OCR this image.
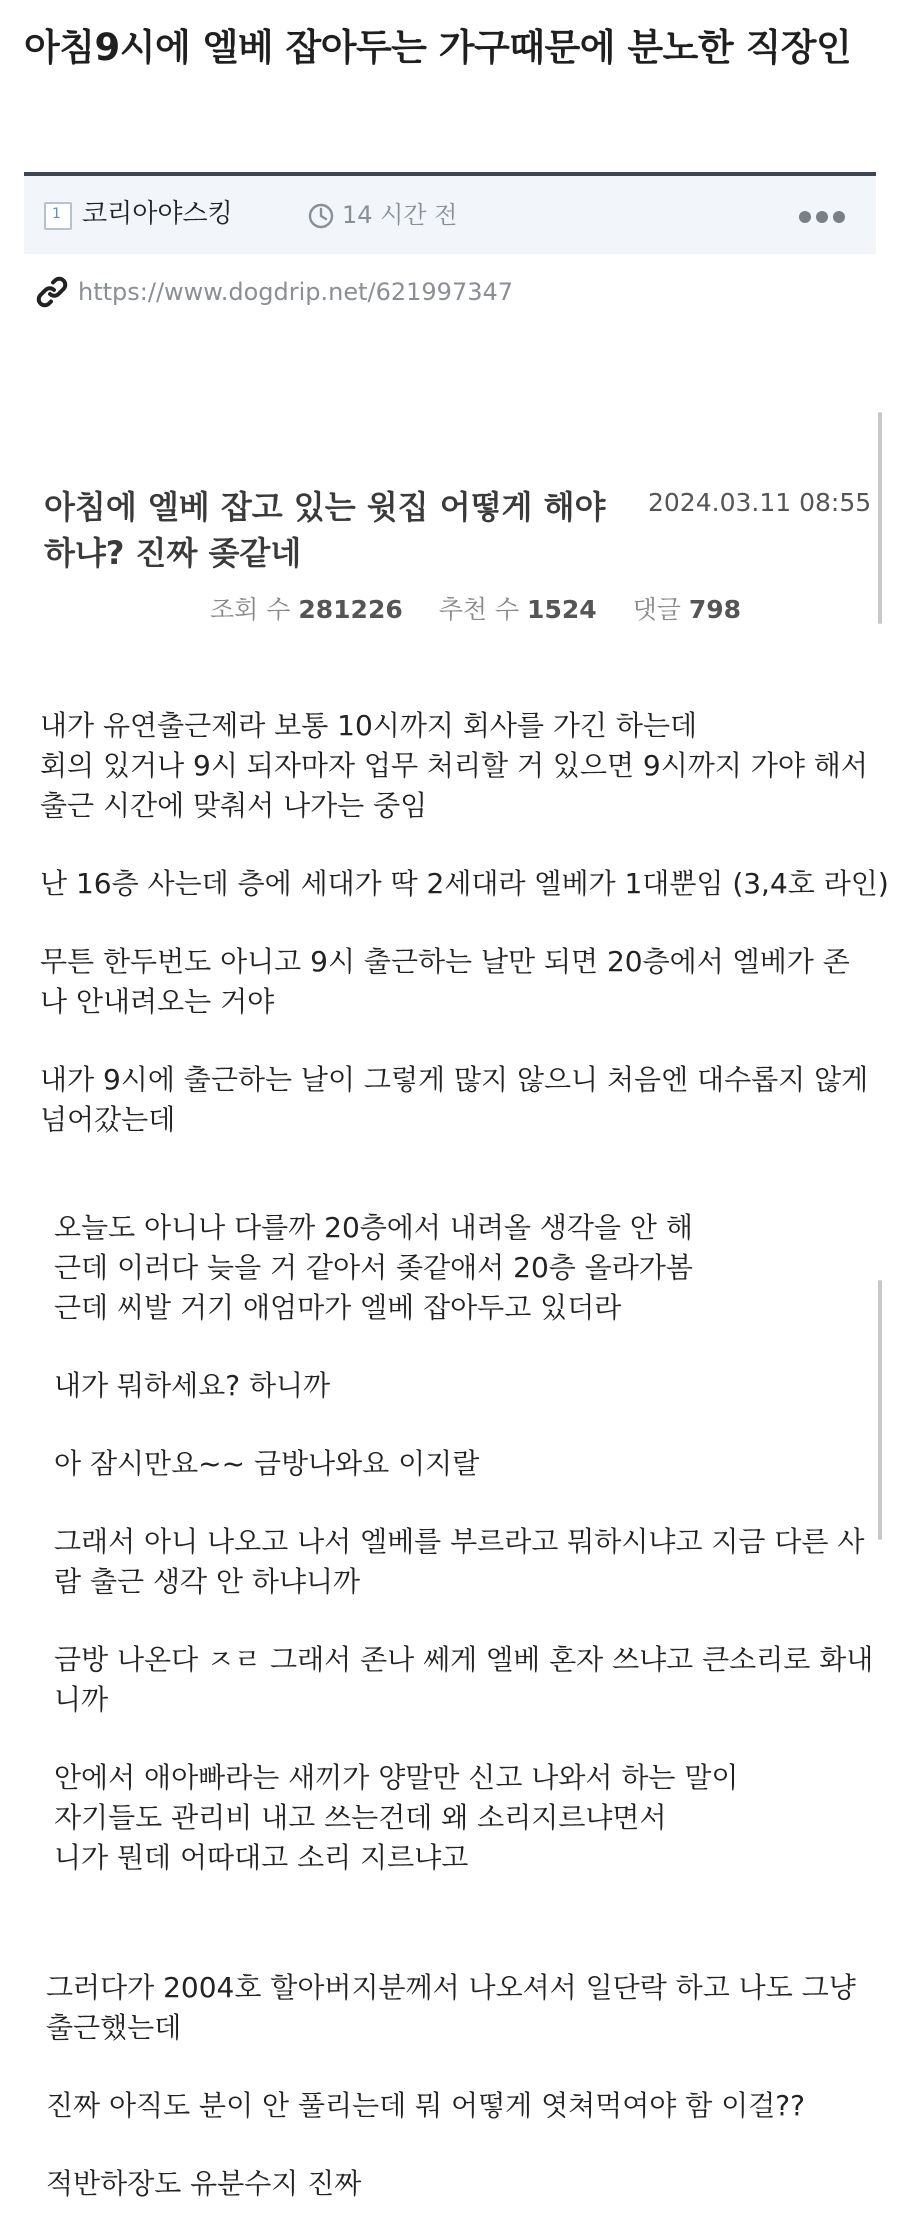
아침9시에 엘베 잡아두는 가구때문에 분노한 직장인
1
코리아야스킹	14 시간 전
https://www.dogdrip.net/621997347
아침에 엘베 잡고 있는 윗집 어떻게 해야
하냐? 진짜 좆같네
2024.03.11 08:55
조회 수 281226 추천 수 1524 댓글 798
내가 유연출근제라 보통 10시까지 회사를 가긴 하는데
회의 있거나 9시 되자마자 업무 처리할 거 있으면 9시까지 가야 해서
출근 시간에 맞춰서 나가는 중임
난 16층 사는데 층에 세대가 딱 2세대라 엘베가 1대뿐임 (3,4호 라인)
무튼 한두번도 아니고 9시 출근하는 날만 되면 20층에서 엘베가 존
나 안내려오는 거야
내가 9시에 출근하는 날이 그렇게 많지 않으니 처음엔 대수롭지 않게
넘어갔는데
오늘도 아니나 다를까 20층에서 내려올 생각을 안 해
근데 이러다 늦을 거 같아서 좆같애서 20층 올라가봄
근데 씨발 거기 애엄마가 엘베 잡아두고 있더라
내가 뭐하세요? 하니까
아 잠시만요~~ 금방나와요 이지랄
그래서 아니 나오고 나서 엘베를 부르라고 뭐하시냐고 지금 다른 사
람 출근 생각 안 하냐니까
금방 나온다 ㅈㄹ 그래서 존나 쎄게 엘베 혼자 쓰냐고 큰소리로 화내
니까
안에서 애아빠라는 새끼가 양말만 신고 나와서 하는 말이
자기들도 관리비 내고 쓰는건데 왜 소리지르냐면서
니가 뭔데 어따대고 소리 지르냐고
그러다가 2004호 할아버지분께서 나오셔서 일단락 하고 나도 그냥
출근했는데
진짜 아직도 분이 안 풀리는데 뭐 어떻게 엿쳐먹여야 함 이걸??
적반하장도 유분수지 진짜
